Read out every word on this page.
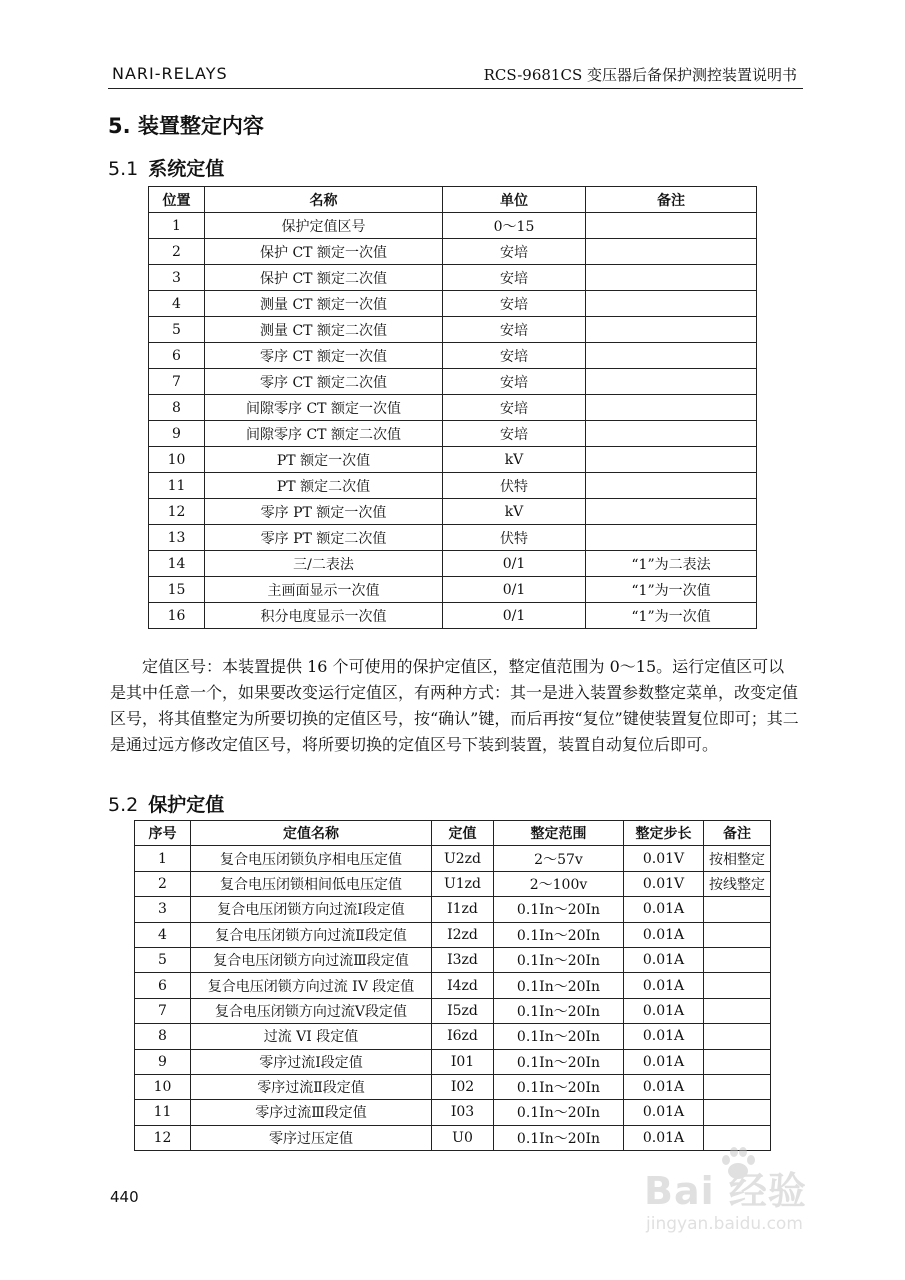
NARI-RELAYS	RCS-9681CS 变压器后备保护测控装置说明书
5. 装置整定内容
5.1 系统定值
位置	名称	单位	备注
1	保护定值区号	0～15	
2	保护 CT 额定一次值	安培	
3	保护 CT 额定二次值	安培	
4	测量 CT 额定一次值	安培	
5	测量 CT 额定二次值	安培	
6	零序 CT 额定一次值	安培	
7	零序 CT 额定二次值	安培	
8	间隙零序 CT 额定一次值	安培	
9	间隙零序 CT 额定二次值	安培	
10	PT 额定一次值	kV	
11	PT 额定二次值	伏特	
12	零序 PT 额定一次值	kV	
13	零序 PT 额定二次值	伏特	
14	三/二表法	0/1	“1”为二表法
15	主画面显示一次值	0/1	“1”为一次值
16	积分电度显示一次值	0/1	“1”为一次值
定值区号：本装置提供 16 个可使用的保护定值区，整定值范围为 0～15。运行定值区可以是其中任意一个，如果要改变运行定值区，有两种方式：其一是进入装置参数整定菜单，改变定值区号，将其值整定为所要切换的定值区号，按“确认”键，而后再按“复位”键使装置复位即可；其二是通过远方修改定值区号，将所要切换的定值区号下装到装置，装置自动复位后即可。
5.2 保护定值
序号	定值名称	定值	整定范围	整定步长	备注
1	复合电压闭锁负序相电压定值	U2zd	2～57v	0.01V	按相整定
2	复合电压闭锁相间低电压定值	U1zd	2～100v	0.01V	按线整定
3	复合电压闭锁方向过流Ⅰ段定值	I1zd	0.1In～20In	0.01A	
4	复合电压闭锁方向过流Ⅱ段定值	I2zd	0.1In～20In	0.01A	
5	复合电压闭锁方向过流Ⅲ段定值	I3zd	0.1In～20In	0.01A	
6	复合电压闭锁方向过流 IV 段定值	I4zd	0.1In～20In	0.01A	
7	复合电压闭锁方向过流Ⅴ段定值	I5zd	0.1In～20In	0.01A	
8	过流 VI 段定值	I6zd	0.1In～20In	0.01A	
9	零序过流Ⅰ段定值	I01	0.1In～20In	0.01A	
10	零序过流Ⅱ段定值	I02	0.1In～20In	0.01A	
11	零序过流Ⅲ段定值	I03	0.1In～20In	0.01A	
12	零序过压定值	U0	0.1In～20In	0.01A	
440	Bai 经验
jingyan.baidu.com
